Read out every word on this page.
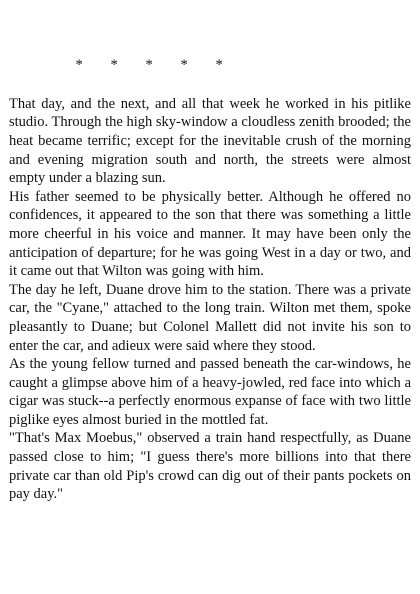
* * * * *

That day, and the next, and all that week he worked in his pitlike studio. Through the high sky-window a cloudless zenith brooded; the heat became terrific; except for the inevitable crush of the morning and evening migration south and north, the streets were almost empty under a blazing sun.

His father seemed to be physically better. Although he offered no confidences, it appeared to the son that there was something a little more cheerful in his voice and manner. It may have been only the anticipation of departure; for he was going West in a day or two, and it came out that Wilton was going with him.

The day he left, Duane drove him to the station. There was a private car, the "Cyane," attached to the long train. Wilton met them, spoke pleasantly to Duane; but Colonel Mallett did not invite his son to enter the car, and adieux were said where they stood.

As the young fellow turned and passed beneath the car-windows, he caught a glimpse above him of a heavy-jowled, red face into which a cigar was stuck--a perfectly enormous expanse of face with two little piglike eyes almost buried in the mottled fat.

"That's Max Moebus," observed a train hand respectfully, as Duane passed close to him; "I guess there's more billions into that there private car than old Pip's crowd can dig out of their pants pockets on pay day."
